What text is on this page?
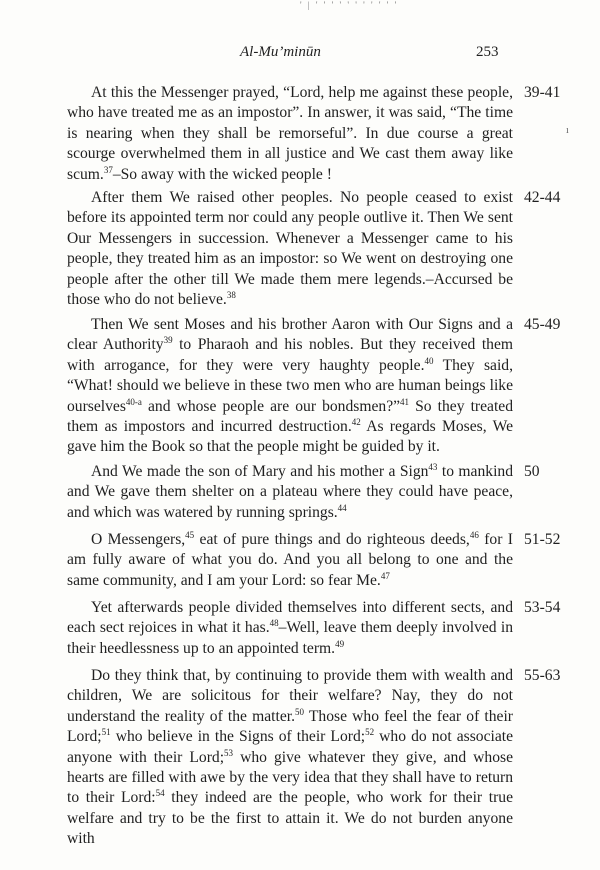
' | ' ' ' ' ' ' ' ' ' ' '
Al-Mu’minūn	253
ı

At this the Messenger prayed, “Lord, help me against these people, who have treated me as an impostor”. In answer, it was said, “The time is nearing when they shall be remorseful”. In due course a great scourge overwhelmed them in all justice and We cast them away like scum.$^{37}$–So away with the wicked people !

39-41

After them We raised other peoples. No people ceased to exist before its appointed term nor could any people outlive it. Then We sent Our Messengers in succession. Whenever a Messenger came to his people, they treated him as an impostor: so We went on destroying one people after the other till We made them mere legends.–Accursed be those who do not believe.$^{38}$

42-44

Then We sent Moses and his brother Aaron with Our Signs and a clear Authority$^{39}$ to Pharaoh and his nobles. But they received them with arrogance, for they were very haughty people.$^{40}$ They said, “What! should we believe in these two men who are human beings like ourselves$^{40-a}$ and whose people are our bondsmen?”$^{41}$ So they treated them as impostors and incurred destruction.$^{42}$ As regards Moses, We gave him the Book so that the people might be guided by it.

45-49

And We made the son of Mary and his mother a Sign$^{43}$ to mankind and We gave them shelter on a plateau where they could have peace, and which was watered by running springs.$^{44}$

50

O Messengers,$^{45}$ eat of pure things and do righteous deeds,$^{46}$ for I am fully aware of what you do. And you all belong to one and the same community, and I am your Lord: so fear Me.$^{47}$

51-52

Yet afterwards people divided themselves into different sects, and each sect rejoices in what it has.$^{48}$–Well, leave them deeply involved in their heedlessness up to an appointed term.$^{49}$

53-54

Do they think that, by continuing to provide them with wealth and children, We are solicitous for their welfare? Nay, they do not understand the reality of the matter.$^{50}$ Those who feel the fear of their Lord;$^{51}$ who believe in the Signs of their Lord;$^{52}$ who do not associate anyone with their Lord;$^{53}$ who give whatever they give, and whose hearts are filled with awe by the very idea that they shall have to return to their Lord:$^{54}$ they indeed are the people, who work for their true welfare and try to be the first to attain it. We do not burden anyone with

55-63
